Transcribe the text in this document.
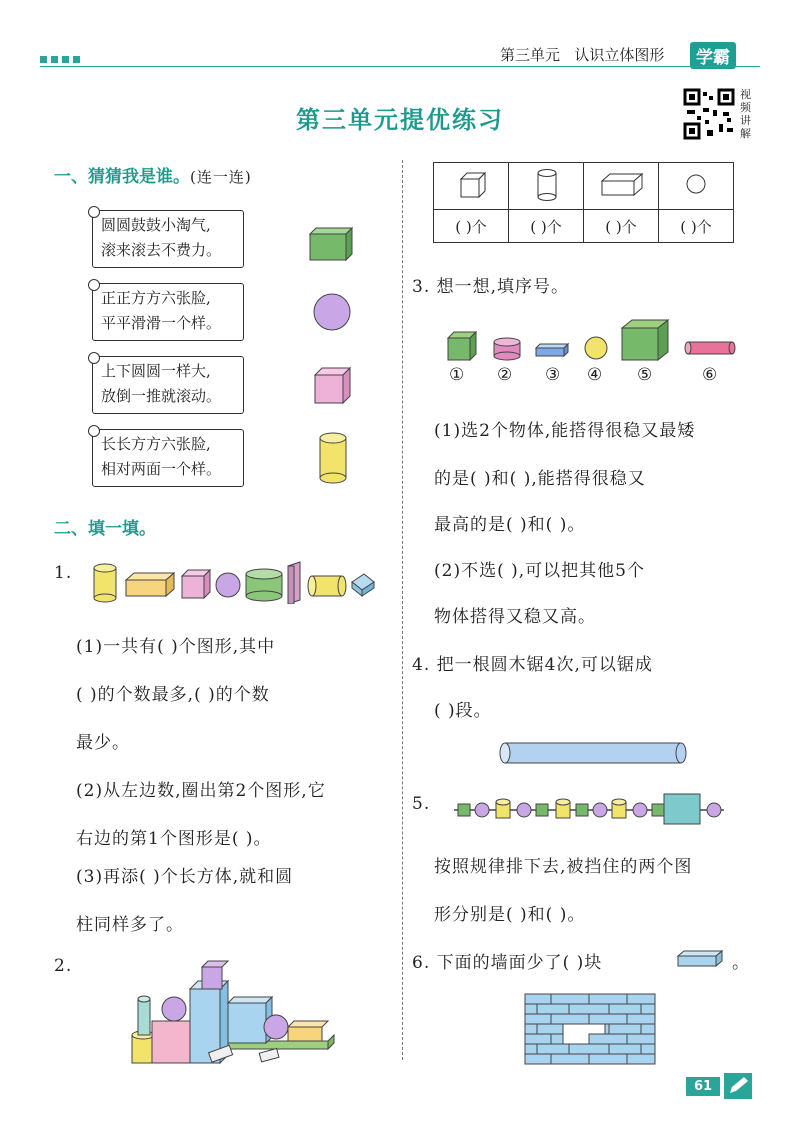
第三单元 认识立体图形	学霸
视频讲解
第三单元提优练习
一、猜猜我是谁。(连一连)
圆圆鼓鼓小淘气,
滚来滚去不费力。
正正方方六张脸,
平平滑滑一个样。
上下圆圆一样大,
放倒一推就滚动。
长长方方六张脸,
相对两面一个样。
二、填一填。
1.
(1)一共有( )个图形,其中
( )的个数最多,( )的个数
最少。
(2)从左边数,圈出第2个图形,它
右边的第1个图形是( )。
(3)再添( )个长方体,就和圆
柱同样多了。
2.

( )个	( )个	( )个	( )个
3. 想一想,填序号。
① ② ③ ④ ⑤	⑥
(1)选2个物体,能搭得很稳又最矮
的是( )和( ),能搭得很稳又
最高的是( )和( )。
(2)不选( ),可以把其他5个
物体搭得又稳又高。
4. 把一根圆木锯4次,可以锯成
( )段。
5.
按照规律排下去,被挡住的两个图
形分别是( )和( )。
6. 下面的墙面少了( )块	。
61
